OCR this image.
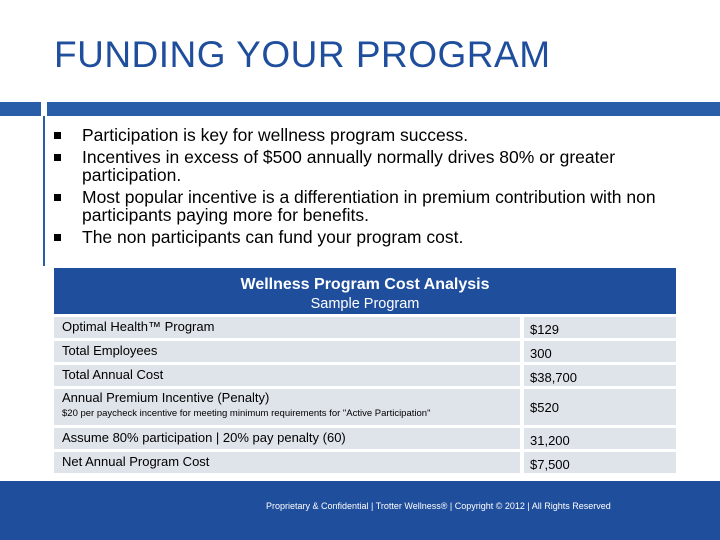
FUNDING YOUR PROGRAM
Participation is key for wellness program success.
Incentives in excess of $500 annually normally drives 80% or greater participation.
Most popular incentive is a differentiation in premium contribution with non participants paying more for benefits.
The non participants can fund your program cost.
Wellness Program Cost Analysis
Sample Program
Optimal Health™ Program	$129
Total Employees	300
Total Annual Cost	$38,700
Annual Premium Incentive (Penalty)
$20 per paycheck incentive for meeting minimum requirements for "Active Participation"	$520
Assume 80% participation | 20% pay penalty (60)	31,200
Net Annual Program Cost	$7,500
Proprietary & Confidential | Trotter Wellness® | Copyright © 2012 | All Rights Reserved
